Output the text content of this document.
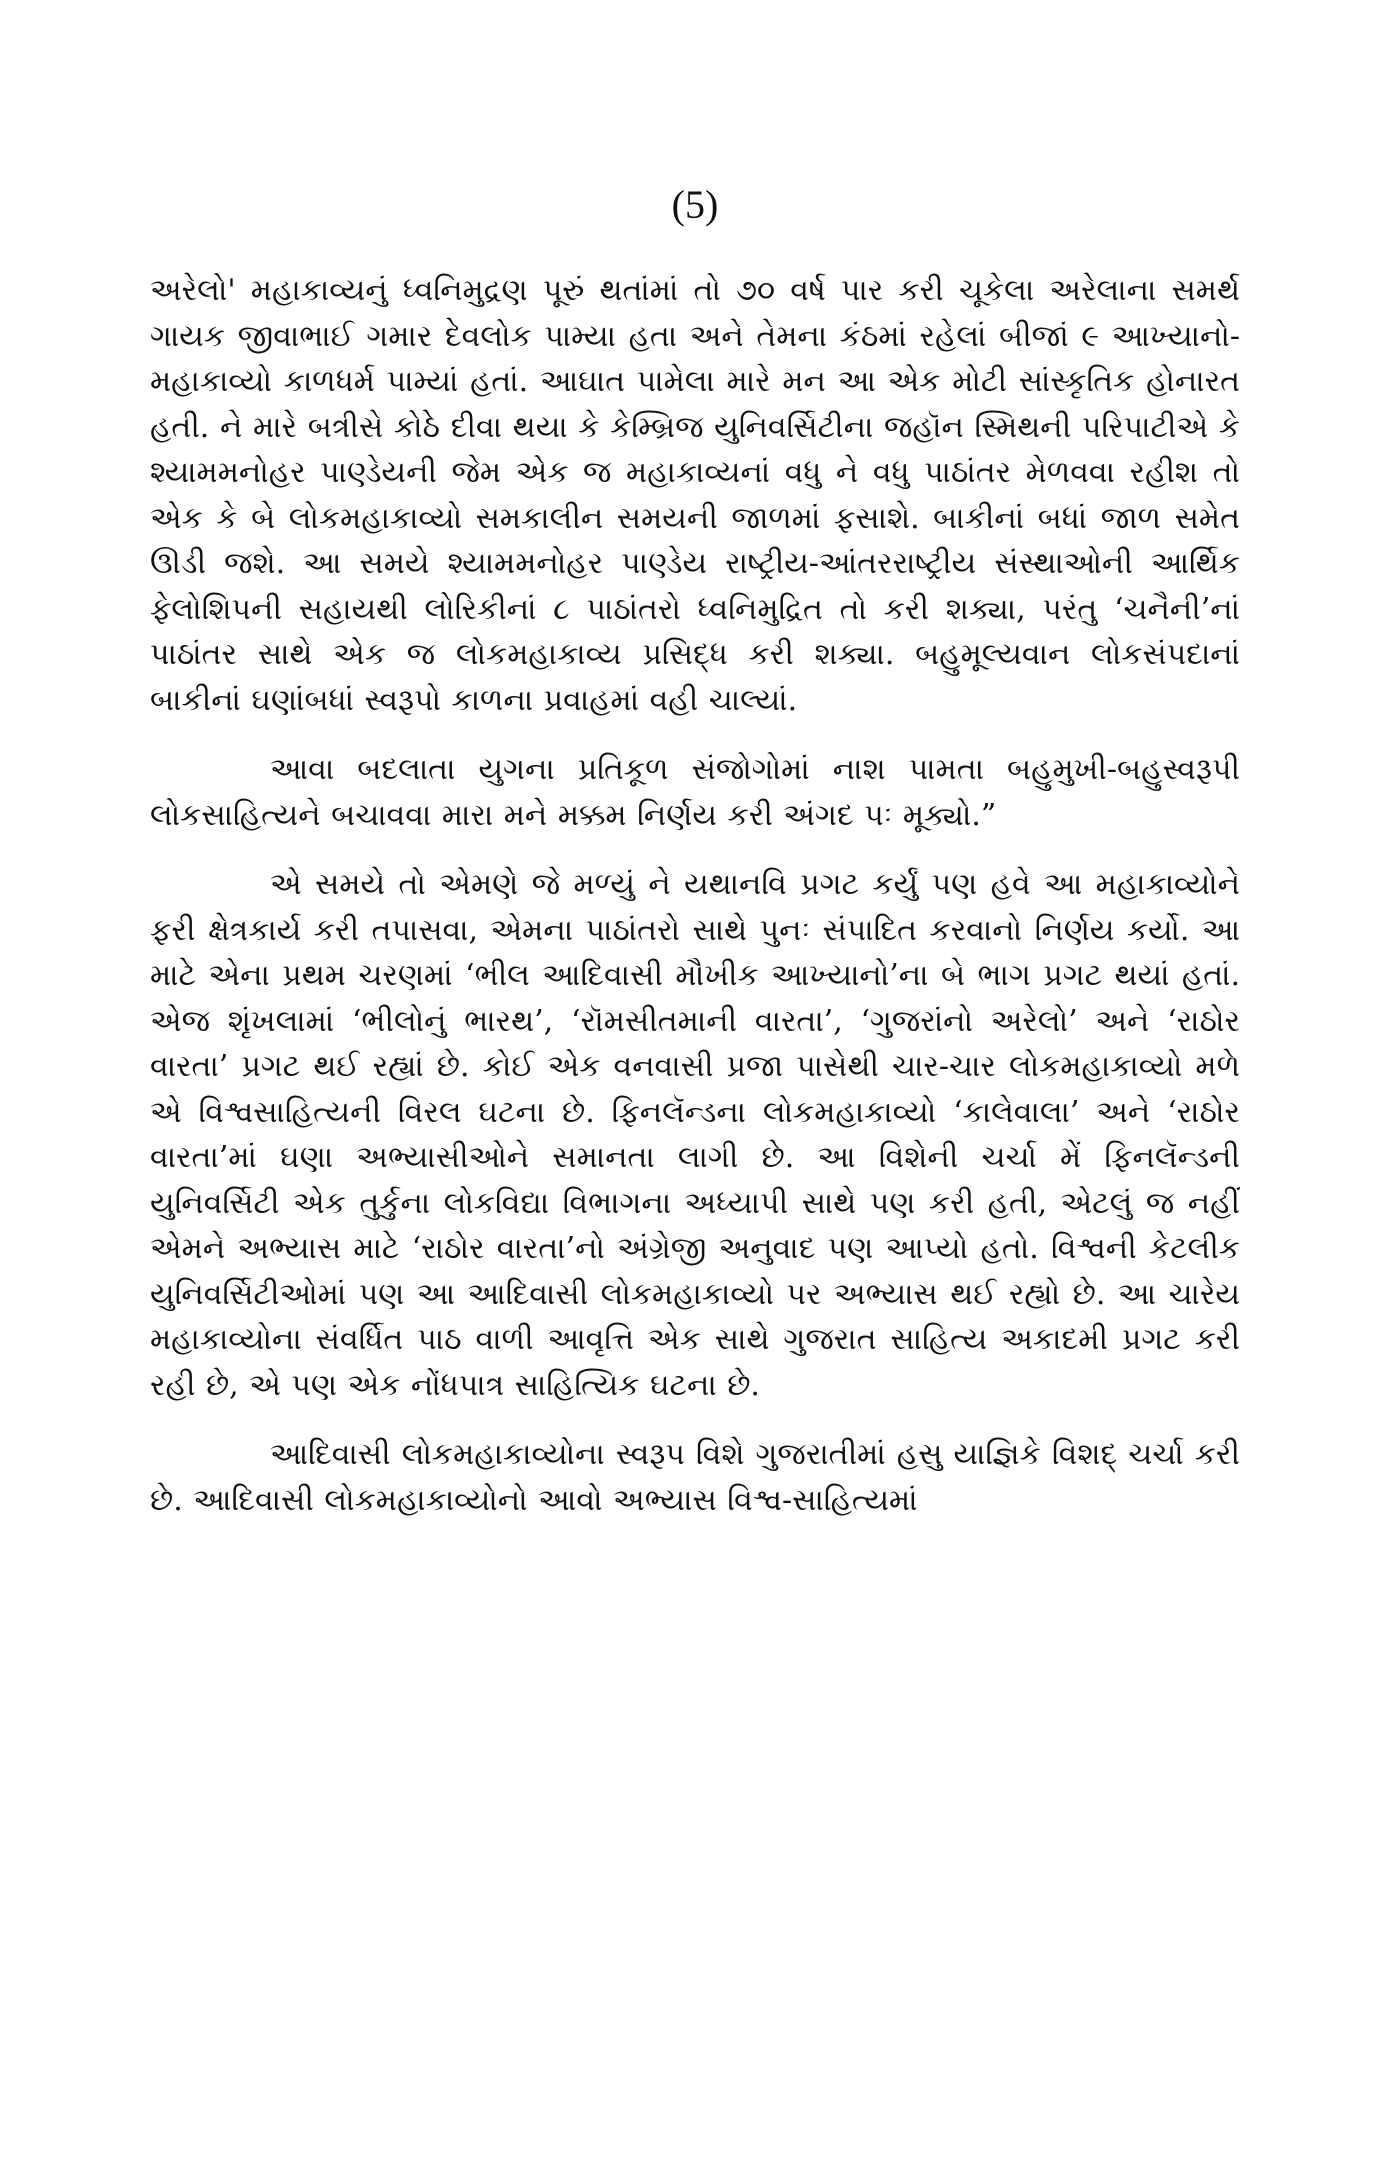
(5)

અરેલો' મહાકાવ્યનું ધ્વનિમુદ્રણ પૂરું થતાંમાં તો ૭૦ વર્ષ પાર કરી ચૂકેલા અરેલાના સમર્થ ગાયક જીવાભાઈ ગમાર દેવલોક પામ્યા હતા અને તેમના કંઠમાં રહેલાં બીજાં ૯ આખ્યાનો-મહાકાવ્યો કાળધર્મ પામ્યાં હતાં. આઘાત પામેલા મારે મન આ એક મોટી સાંસ્કૃતિક હોનારત હતી. ને મારે બત્રીસે કોઠે દીવા થયા કે કેમ્બ્રિજ યુનિવર્સિટીના જહૉન સ્મિથની પરિપાટીએ કે શ્યામમનોહર પાણ્ડેયની જેમ એક જ મહાકાવ્યનાં વધુ ને વધુ પાઠાંતર મેળવવા રહીશ તો એક કે બે લોકમહાકાવ્યો સમકાલીન સમયની જાળમાં ફસાશે. બાકીનાં બધાં જાળ સમેત ઊડી જશે. આ સમયે શ્યામમનોહર પાણ્ડેય રાષ્ટ્રીય-આંતરરાષ્ટ્રીય સંસ્થાઓની આર્થિક ફેલોશિપની સહાયથી લોરિકીનાં ૮ પાઠાંતરો ધ્વનિમુદ્રિત તો કરી શક્યા, પરંતુ ‘ચનૈની’નાં પાઠાંતર સાથે એક જ લોકમહાકાવ્ય પ્રસિદ્ધ કરી શક્યા. બહુમૂલ્યવાન લોકસંપદાનાં બાકીનાં ઘણાંબધાં સ્વરૂપો કાળના પ્રવાહમાં વહી ચાલ્યાં.

આવા બદલાતા યુગના પ્રતિકૂળ સંજોગોમાં નાશ પામતા બહુમુખી-બહુસ્વરૂપી લોકસાહિત્યને બચાવવા મારા મને મક્કમ નિર્ણય કરી અંગદ પઃ મૂક્યો.”

એ સમયે તો એમણે જે મળ્યું ને યથાનવિ પ્રગટ કર્યું પણ હવે આ મહાકાવ્યોને ફરી ક્ષેત્રકાર્ય કરી તપાસવા, એમના પાઠાંતરો સાથે પુનઃ સંપાદિત કરવાનો નિર્ણય કર્યો. આ માટે એના પ્રથમ ચરણમાં ‘ભીલ આદિવાસી મૌખીક આખ્યાનો’ના બે ભાગ પ્રગટ થયાં હતાં. એજ શૃંખલામાં ‘ભીલોનું ભારથ’, ‘રૉમસીતમાની વારતા’, ‘ગુજરાંનો અરેલો’ અને ‘રાઠોર વારતા’ પ્રગટ થઈ રહ્યાં છે. કોઈ એક વનવાસી પ્રજા પાસેથી ચાર-ચાર લોકમહાકાવ્યો મળે એ વિશ્વસાહિત્યની વિરલ ઘટના છે. ફિનલૅન્ડના લોકમહાકાવ્યો ‘કાલેવાલા’ અને ‘રાઠોર વારતા’માં ઘણા અભ્યાસીઓને સમાનતા લાગી છે. આ વિશેની ચર્ચા મેં ફિનલૅન્ડની યુનિવર્સિટી એક તુર્કુના લોકવિદ્યા વિભાગના અધ્યાપી સાથે પણ કરી હતી, એટલું જ નહીં એમને અભ્યાસ માટે ‘રાઠોર વારતા’નો અંગ્રેજી અનુવાદ પણ આપ્યો હતો. વિશ્વની કેટલીક યુનિવર્સિટીઓમાં પણ આ આદિવાસી લોકમહાકાવ્યો પર અભ્યાસ થઈ રહ્યો છે. આ ચારેય મહાકાવ્યોના સંવર્ધિત પાઠ વાળી આવૃત્તિ એક સાથે ગુજરાત સાહિત્ય અકાદમી પ્રગટ કરી રહી છે, એ પણ એક નોંધપાત્ર સાહિત્યિક ઘટના છે.

આદિવાસી લોકમહાકાવ્યોના સ્વરૂપ વિશે ગુજરાતીમાં હસુ યાજ્ઞિકે વિશદ્ ચર્ચા કરી છે. આદિવાસી લોકમહાકાવ્યોનો આવો અભ્યાસ વિશ્વ-સાહિત્યમાં
